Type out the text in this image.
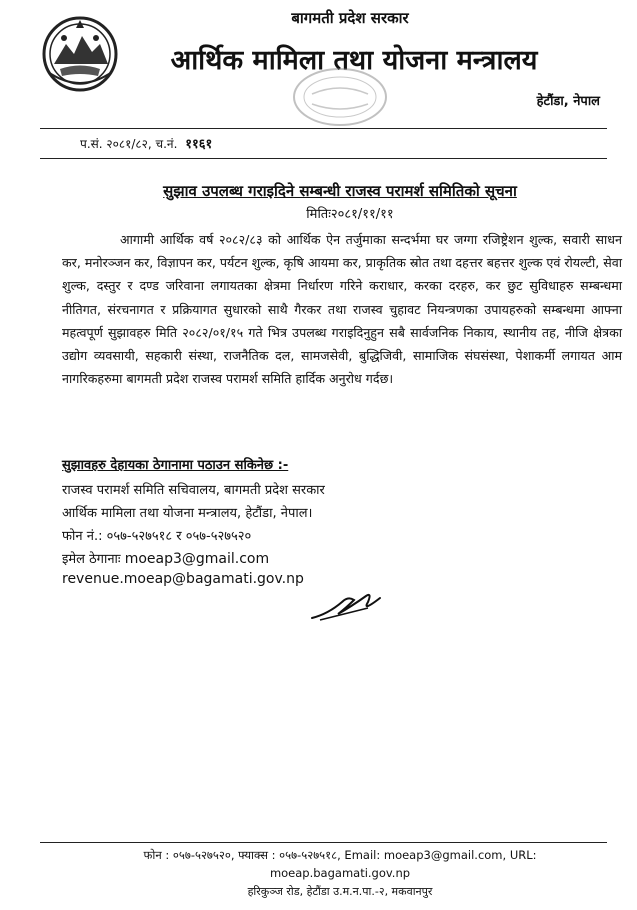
बागमती प्रदेश सरकार
आर्थिक मामिला तथा योजना मन्त्रालय
हेटौंडा, नेपाल
प.सं. २०८१/८२, च.नं. ११६१
सुझाव उपलब्ध गराइदिने सम्बन्धी राजस्व परामर्श समितिको सूचना
मितिः२०८१/११/११
आगामी आर्थिक वर्ष २०८२/८३ को आर्थिक ऐन तर्जुमाका सन्दर्भमा घर जग्गा रजिष्ट्रेशन शुल्क, सवारी साधन कर, मनोरञ्जन कर, विज्ञापन कर, पर्यटन शुल्क, कृषि आयमा कर, प्राकृतिक स्रोत तथा दहत्तर बहत्तर शुल्क एवं रोयल्टी, सेवा शुल्क, दस्तुर र दण्ड जरिवाना लगायतका क्षेत्रमा निर्धारण गरिने कराधार, करका दरहरु, कर छुट सुविधाहरु सम्बन्धमा नीतिगत, संरचनागत र प्रक्रियागत सुधारको साथै गैरकर तथा राजस्व चुहावट नियन्त्रणका उपायहरुको सम्बन्धमा आफ्ना महत्वपूर्ण सुझावहरु मिति २०८२/०१/१५ गते भित्र उपलब्ध गराइदिनुहुन सबै सार्वजनिक निकाय, स्थानीय तह, नीजि क्षेत्रका उद्योग व्यवसायी, सहकारी संस्था, राजनैतिक दल, सामजसेवी, बुद्धिजिवी, सामाजिक संघसंस्था, पेशाकर्मी लगायत आम नागरिकहरुमा बागमती प्रदेश राजस्व परामर्श समिति हार्दिक अनुरोध गर्दछ।
सुझावहरु देहायका ठेगानामा पठाउन सकिनेछ :-
राजस्व परामर्श समिति सचिवालय, बागमती प्रदेश सरकार
आर्थिक मामिला तथा योजना मन्त्रालय, हेटौंडा, नेपाल।
फोन नं.: ०५७-५२७५१८ र ०५७-५२७५२०
इमेल ठेगानाः moeap3@gmail.com
revenue.moeap@bagamati.gov.np
फोन : ०५७-५२७५२०, फ्याक्स : ०५७-५२७५१८, Email: moeap3@gmail.com, URL:
moeap.bagamati.gov.np
हरिकुञ्ज रोड, हेटौंडा उ.म.न.पा.-२, मकवानपुर
